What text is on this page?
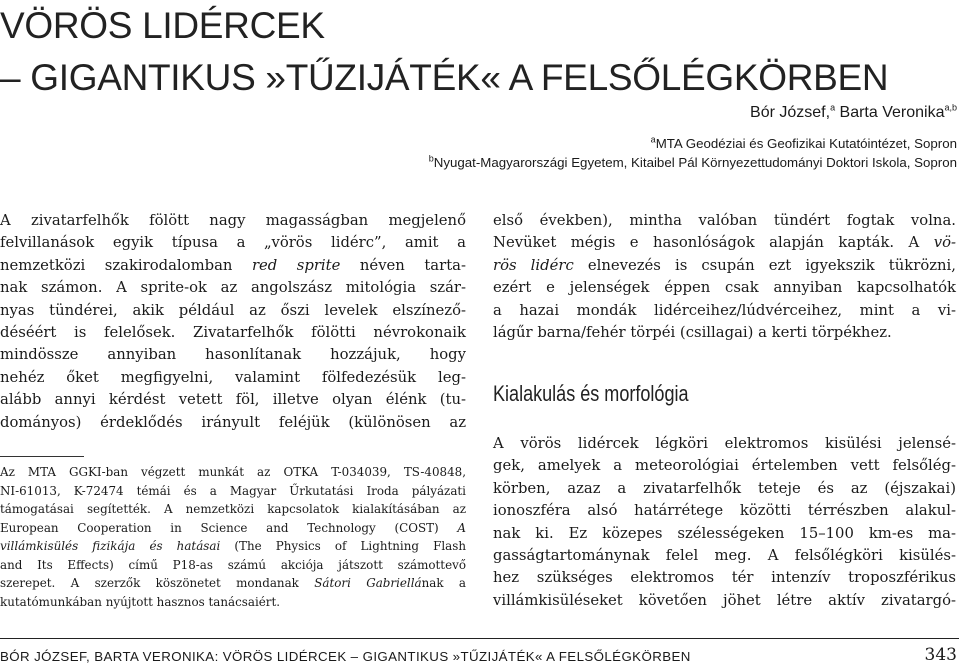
VÖRÖS LIDÉRCEK
– GIGANTIKUS »TŰZIJÁTÉK« A FELSŐLÉGKÖRBEN
Bór József,$^a$ Barta Veronika$^{a,b}$
$^a$MTA Geodéziai és Geofizikai Kutatóintézet, Sopron
$^b$Nyugat-Magyarországi Egyetem, Kitaibel Pál Környezettudományi Doktori Iskola, Sopron

A zivatarfelhők fölött nagy magasságban megjelenő
felvillanások egyik típusa a „vörös lidérc”, amit a
nemzetközi szakirodalomban red sprite néven tarta-
nak számon. A sprite-ok az angolszász mitológia szár-
nyas tündérei, akik például az őszi levelek elszínező-
déséért is felelősek. Zivatarfelhők fölötti névrokonaik
mindössze annyiban hasonlítanak hozzájuk, hogy
nehéz őket megfigyelni, valamint fölfedezésük leg-
alább annyi kérdést vetett föl, illetve olyan élénk (tu-
dományos) érdeklődés irányult feléjük (különösen az

Az MTA GGKI-ban végzett munkát az OTKA T-034039, TS-40848,
NI-61013, K-72474 témái és a Magyar Űrkutatási Iroda pályázati
támogatásai segítették. A nemzetközi kapcsolatok kialakításában az
European Cooperation in Science and Technology (COST) A
villámkisülés fizikája és hatásai (The Physics of Lightning Flash
and Its Effects) című P18-as számú akciója játszott számottevő
szerepet. A szerzők köszönetet mondanak Sátori Gabriellának a
kutatómunkában nyújtott hasznos tanácsaiért.

első években), mintha valóban tündért fogtak volna.
Nevüket mégis e hasonlóságok alapján kapták. A vö-
rös lidérc elnevezés is csupán ezt igyekszik tükrözni,
ezért e jelenségek éppen csak annyiban kapcsolhatók
a hazai mondák lidérceihez/lúdvérceihez, mint a vi-
lágűr barna/fehér törpéi (csillagai) a kerti törpékhez.

Kialakulás és morfológia

A vörös lidércek légköri elektromos kisülési jelensé-
gek, amelyek a meteorológiai értelemben vett felsőlég-
körben, azaz a zivatarfelhők teteje és az (éjszakai)
ionoszféra alsó határrétege közötti térrészben alakul-
nak ki. Ez közepes szélességeken 15–100 km-es ma-
gasságtartománynak felel meg. A felsőlégköri kisülés-
hez szükséges elektromos tér intenzív troposzférikus
villámkisüléseket követően jöhet létre aktív zivatargó-

BÓR JÓZSEF, BARTA VERONIKA: VÖRÖS LIDÉRCEK – GIGANTIKUS »TŰZIJÁTÉK« A FELSŐLÉGKÖRBEN	343
